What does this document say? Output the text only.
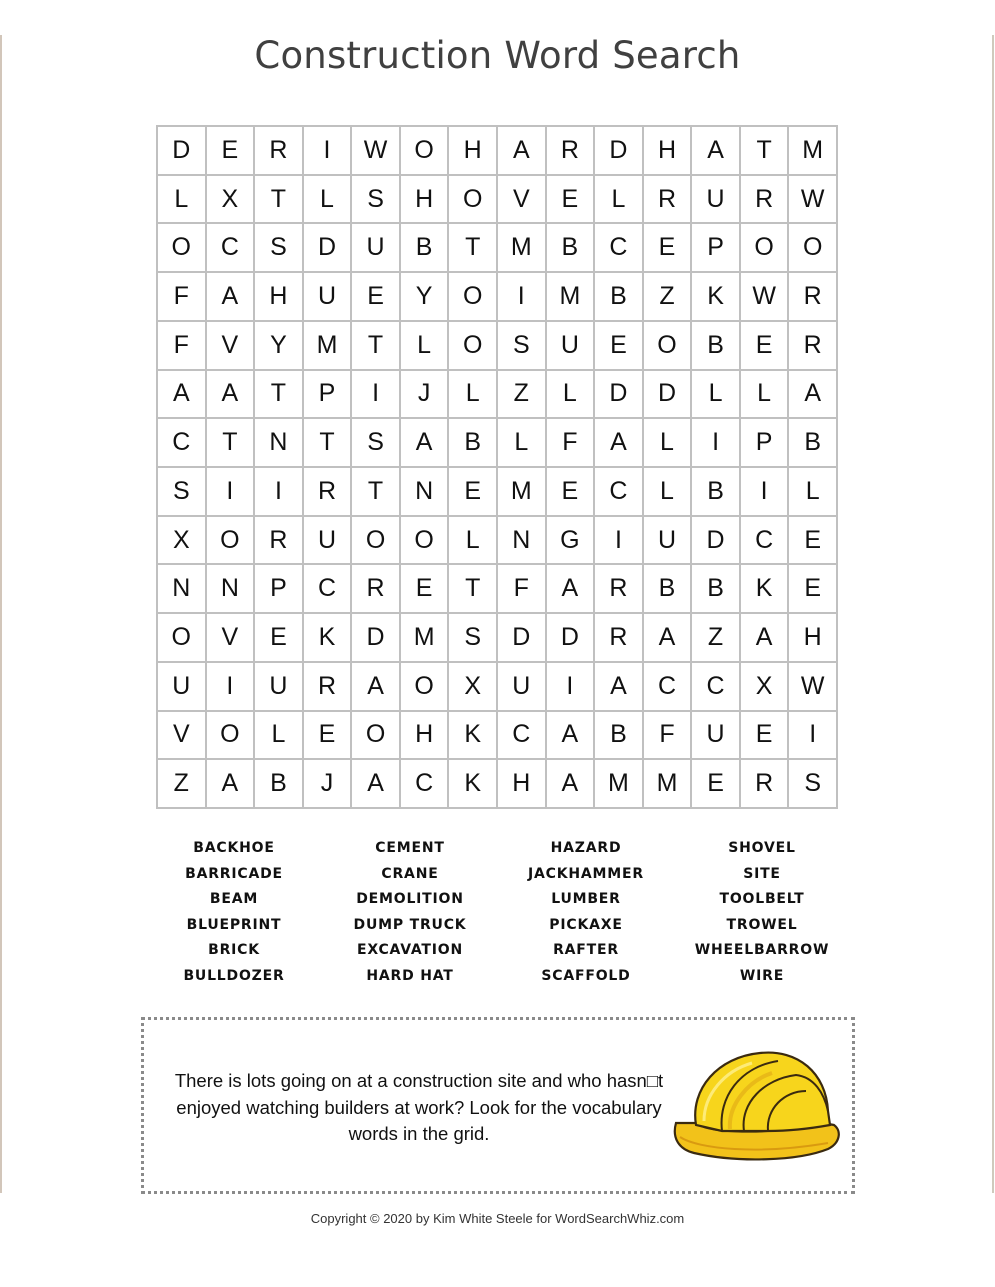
Construction Word Search
D	E	R	I	W	O	H	A	R	D	H	A	T	M
L	X	T	L	S	H	O	V	E	L	R	U	R	W
O	C	S	D	U	B	T	M	B	C	E	P	O	O
F	A	H	U	E	Y	O	I	M	B	Z	K	W	R
F	V	Y	M	T	L	O	S	U	E	O	B	E	R
A	A	T	P	I	J	L	Z	L	D	D	L	L	A
C	T	N	T	S	A	B	L	F	A	L	I	P	B
S	I	I	R	T	N	E	M	E	C	L	B	I	L
X	O	R	U	O	O	L	N	G	I	U	D	C	E
N	N	P	C	R	E	T	F	A	R	B	B	K	E
O	V	E	K	D	M	S	D	D	R	A	Z	A	H
U	I	U	R	A	O	X	U	I	A	C	C	X	W
V	O	L	E	O	H	K	C	A	B	F	U	E	I
Z	A	B	J	A	C	K	H	A	M	M	E	R	S
BACKHOE
BARRICADE
BEAM
BLUEPRINT
BRICK
BULLDOZER
CEMENT
CRANE
DEMOLITION
DUMP TRUCK
EXCAVATION
HARD HAT
HAZARD
JACKHAMMER
LUMBER
PICKAXE
RAFTER
SCAFFOLD
SHOVEL
SITE
TOOLBELT
TROWEL
WHEELBARROW
WIRE
There is lots going on at a construction site and who hasn□t enjoyed watching builders at work? Look for the vocabulary words in the grid.
Copyright © 2020 by Kim White Steele for WordSearchWhiz.com
